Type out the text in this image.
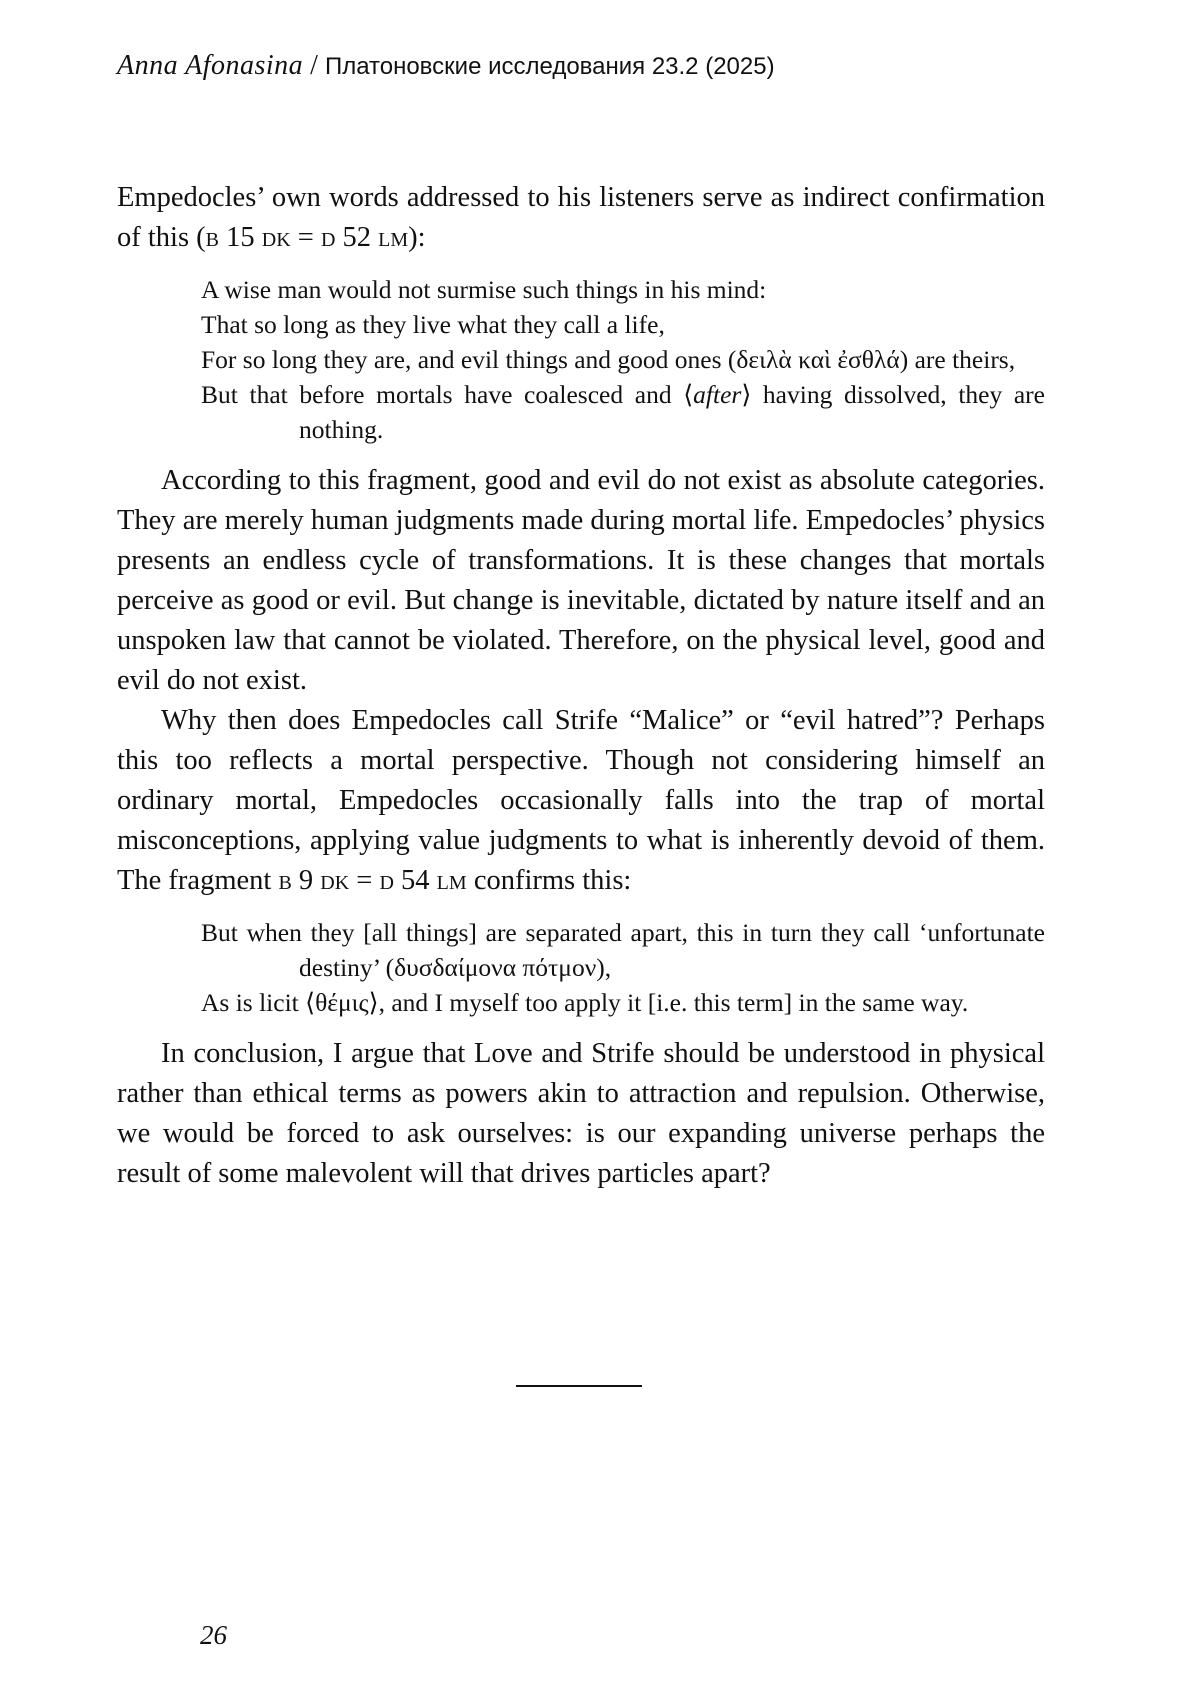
Anna Afonasina / Платоновские исследования 23.2 (2025)

Empedocles’ own words addressed to his listeners serve as indirect confirmation of this (b 15 dk = d 52 lm):

A wise man would not surmise such things in his mind:
That so long as they live what they call a life,
For so long they are, and evil things and good ones (δειλὰ καὶ ἐσθλά) are theirs,
But that before mortals have coalesced and ⟨after⟩ having dissolved, they are nothing.

According to this fragment, good and evil do not exist as absolute categories. They are merely human judgments made during mortal life. Empedocles’ physics presents an endless cycle of transformations. It is these changes that mortals perceive as good or evil. But change is inevitable, dictated by nature itself and an unspoken law that cannot be violated. Therefore, on the physical level, good and evil do not exist.

Why then does Empedocles call Strife “Malice” or “evil hatred”? Perhaps this too reflects a mortal perspective. Though not considering himself an ordinary mortal, Empedocles occasionally falls into the trap of mortal misconceptions, applying value judgments to what is inherently devoid of them. The fragment b 9 dk = d 54 lm confirms this:

But when they [all things] are separated apart, this in turn they call ‘unfortunate destiny’ (δυσδαίμονα πότμον),
As is licit ⟨θέμις⟩, and I myself too apply it [i.e. this term] in the same way.

In conclusion, I argue that Love and Strife should be understood in physical rather than ethical terms as powers akin to attraction and repulsion. Otherwise, we would be forced to ask ourselves: is our expanding universe perhaps the result of some malevolent will that drives particles apart?

26
